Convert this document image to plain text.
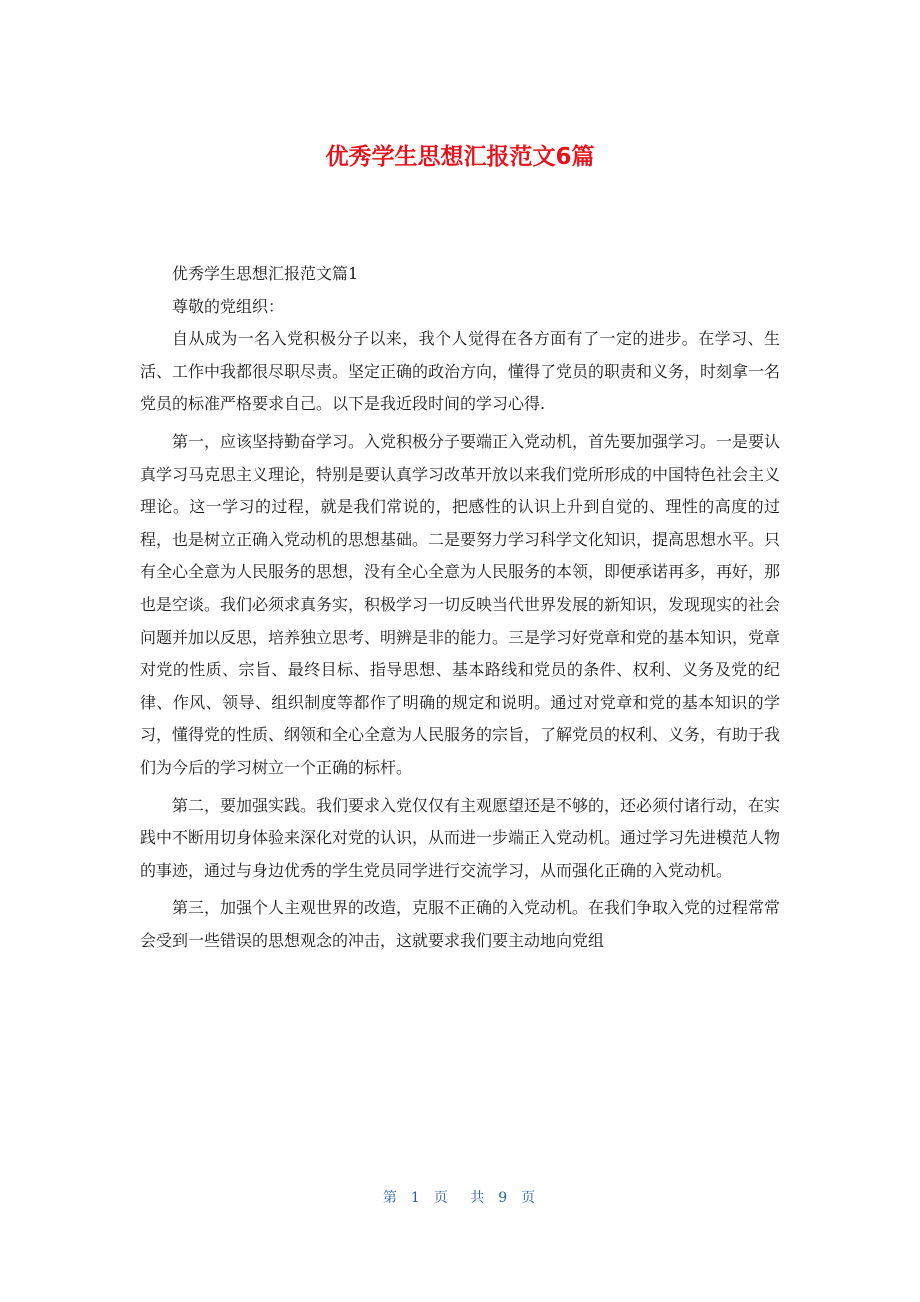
优秀学生思想汇报范文6篇

优秀学生思想汇报范文篇1

尊敬的党组织：

自从成为一名入党积极分子以来，我个人觉得在各方面有了一定的进步。在学习、生活、工作中我都很尽职尽责。坚定正确的政治方向，懂得了党员的职责和义务，时刻拿一名党员的标准严格要求自己。以下是我近段时间的学习心得.

第一，应该坚持勤奋学习。入党积极分子要端正入党动机，首先要加强学习。一是要认真学习马克思主义理论，特别是要认真学习改革开放以来我们党所形成的中国特色社会主义理论。这一学习的过程，就是我们常说的，把感性的认识上升到自觉的、理性的高度的过程，也是树立正确入党动机的思想基础。二是要努力学习科学文化知识，提高思想水平。只有全心全意为人民服务的思想，没有全心全意为人民服务的本领，即便承诺再多，再好，那也是空谈。我们必须求真务实，积极学习一切反映当代世界发展的新知识，发现现实的社会问题并加以反思，培养独立思考、明辨是非的能力。三是学习好党章和党的基本知识，党章对党的性质、宗旨、最终目标、指导思想、基本路线和党员的条件、权利、义务及党的纪律、作风、领导、组织制度等都作了明确的规定和说明。通过对党章和党的基本知识的学习，懂得党的性质、纲领和全心全意为人民服务的宗旨，了解党员的权利、义务，有助于我们为今后的学习树立一个正确的标杆。

第二，要加强实践。我们要求入党仅仅有主观愿望还是不够的，还必须付诸行动，在实践中不断用切身体验来深化对党的认识，从而进一步端正入党动机。通过学习先进模范人物的事迹，通过与身边优秀的学生党员同学进行交流学习，从而强化正确的入党动机。

第三，加强个人主观世界的改造，克服不正确的入党动机。在我们争取入党的过程常常会受到一些错误的思想观念的冲击，这就要求我们要主动地向党组

第 1 页 共 9 页
